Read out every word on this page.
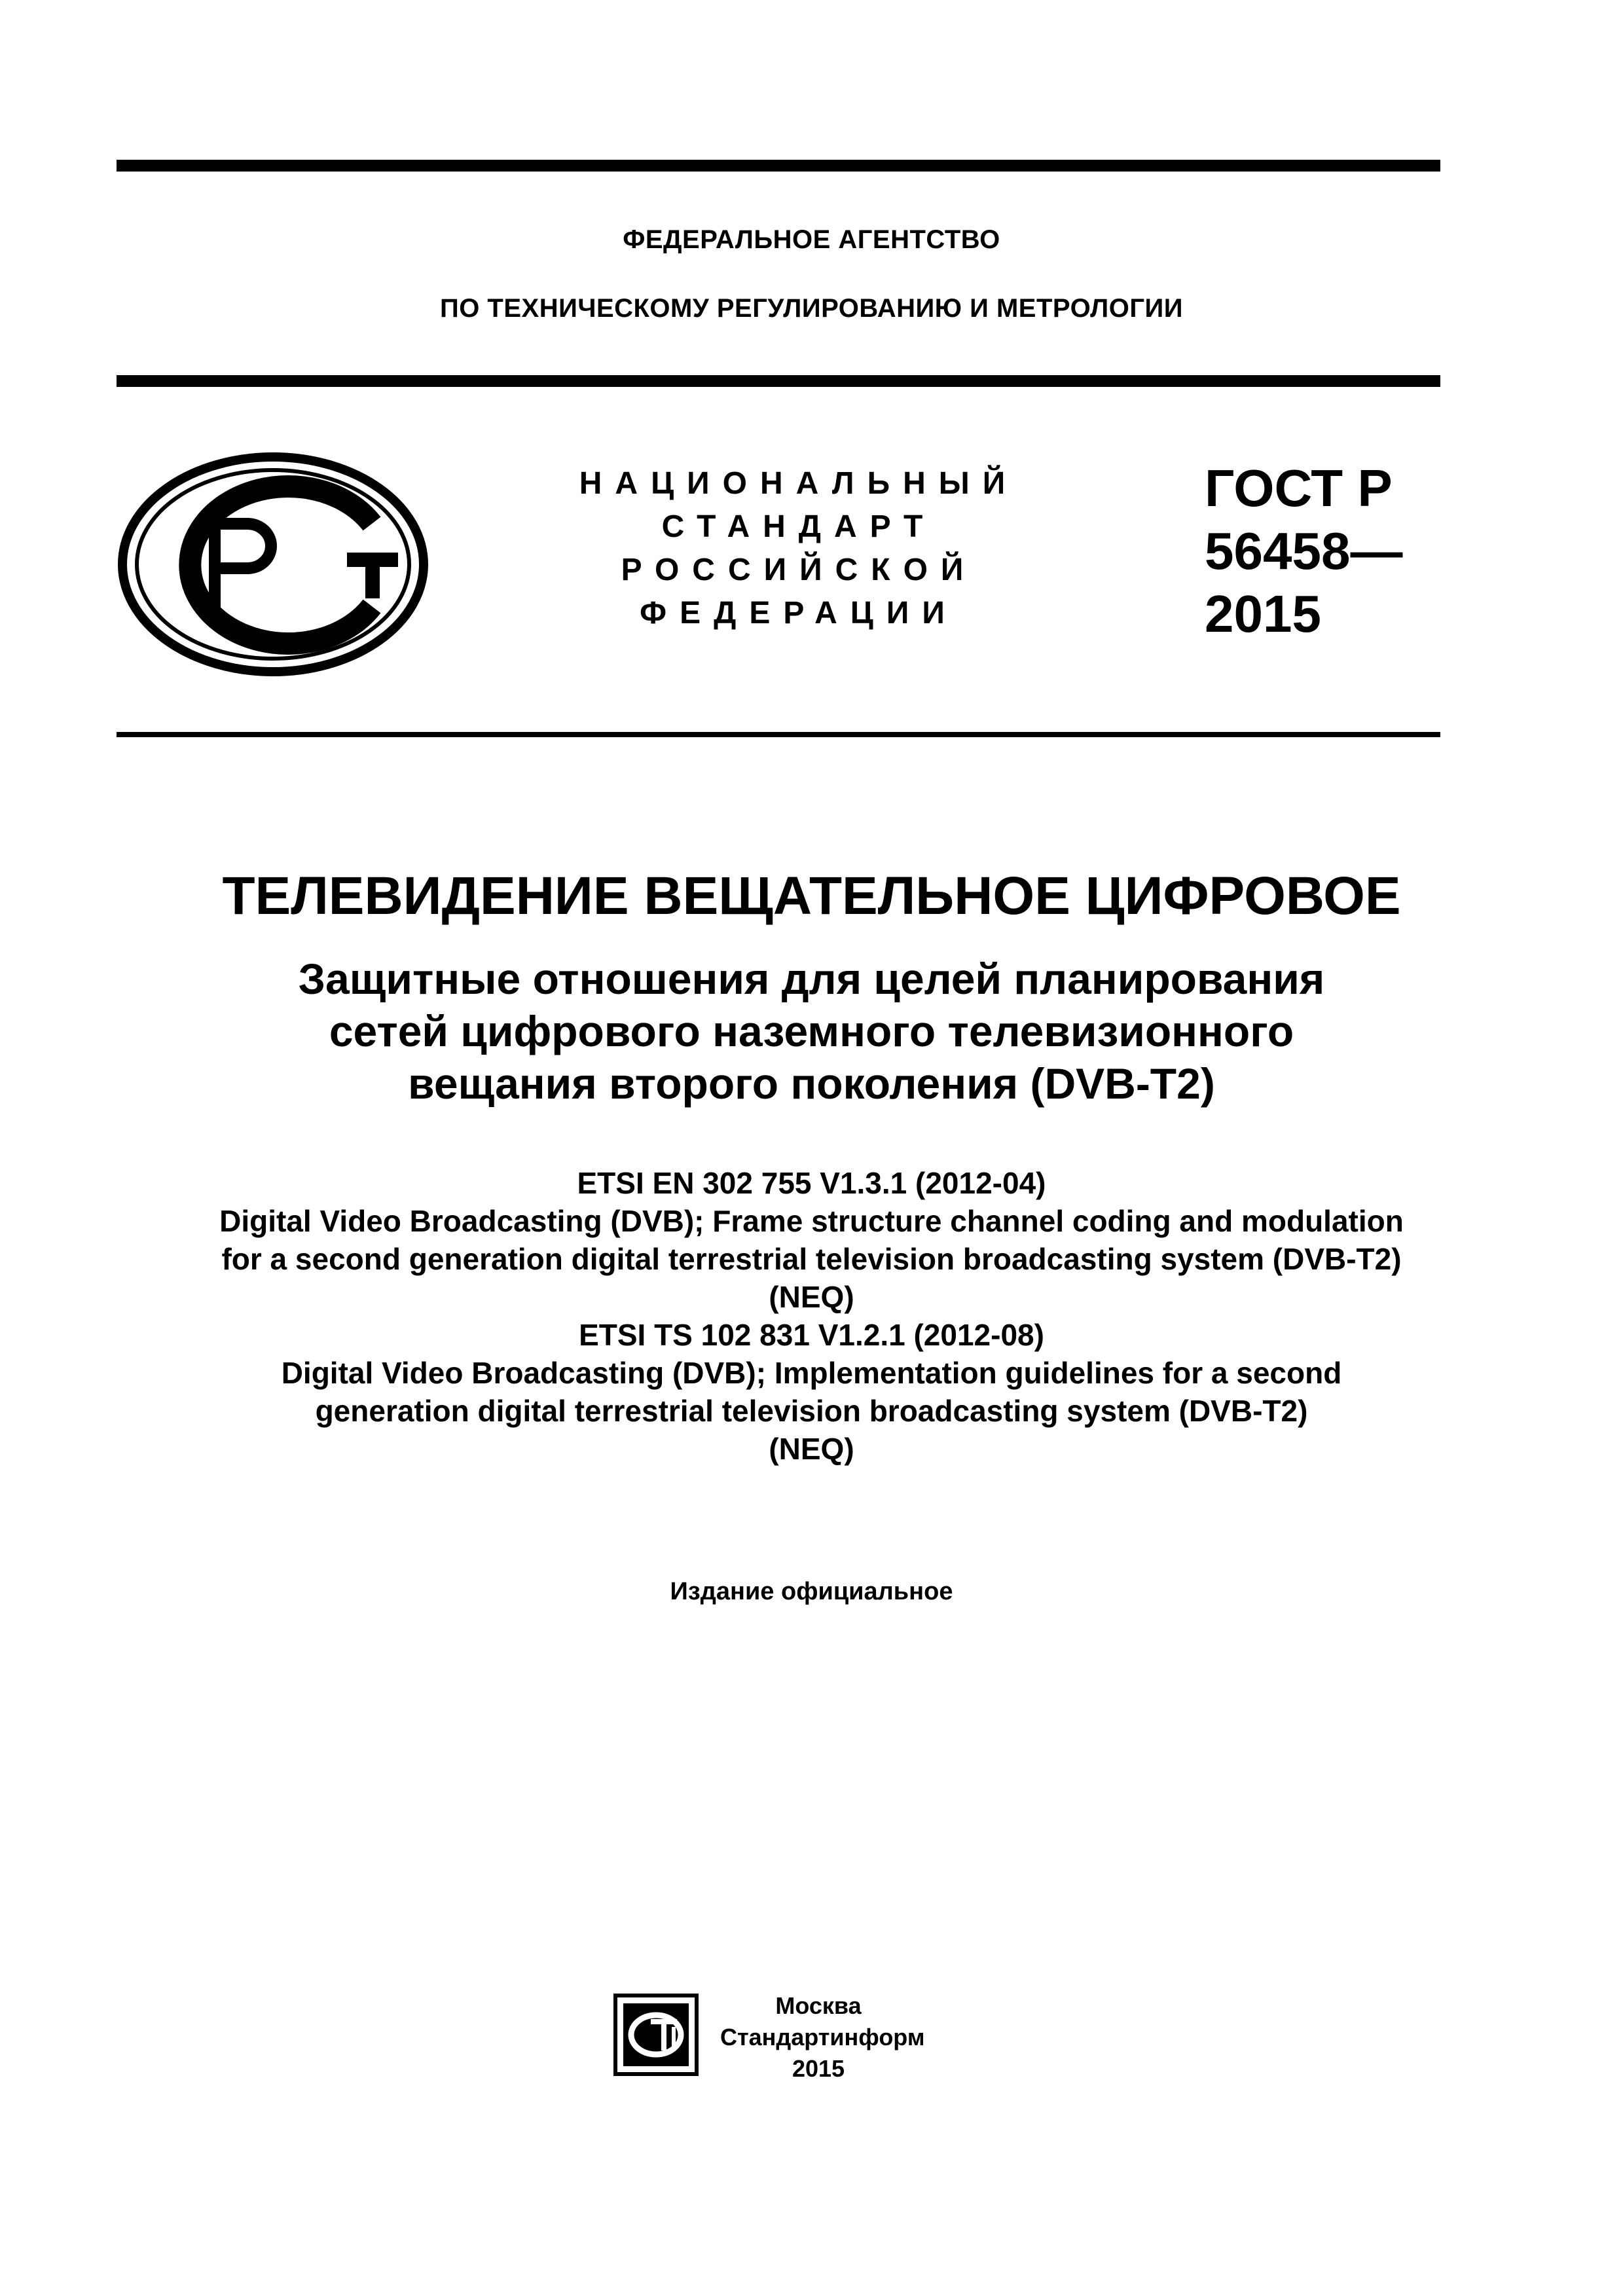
ФЕДЕРАЛЬНОЕ АГЕНТСТВО
ПО ТЕХНИЧЕСКОМУ РЕГУЛИРОВАНИЮ И МЕТРОЛОГИИ
НАЦИОНАЛЬНЫЙ
СТАНДАРТ
РОССИЙСКОЙ
ФЕДЕРАЦИИ
ГОСТ Р
56458—
2015
ТЕЛЕВИДЕНИЕ ВЕЩАТЕЛЬНОЕ ЦИФРОВОЕ
Защитные отношения для целей планирования
сетей цифрового наземного телевизионного
вещания второго поколения (DVB-T2)
ETSI EN 302 755 V1.3.1 (2012-04)
Digital Video Broadcasting (DVB); Frame structure channel coding and modulation
for a second generation digital terrestrial television broadcasting system (DVB-T2)
(NEQ)
ETSI TS 102 831 V1.2.1 (2012-08)
Digital Video Broadcasting (DVB); Implementation guidelines for a second
generation digital terrestrial television broadcasting system (DVB-T2)
(NEQ)
Издание официальное
Москва
Стандартинформ
2015
